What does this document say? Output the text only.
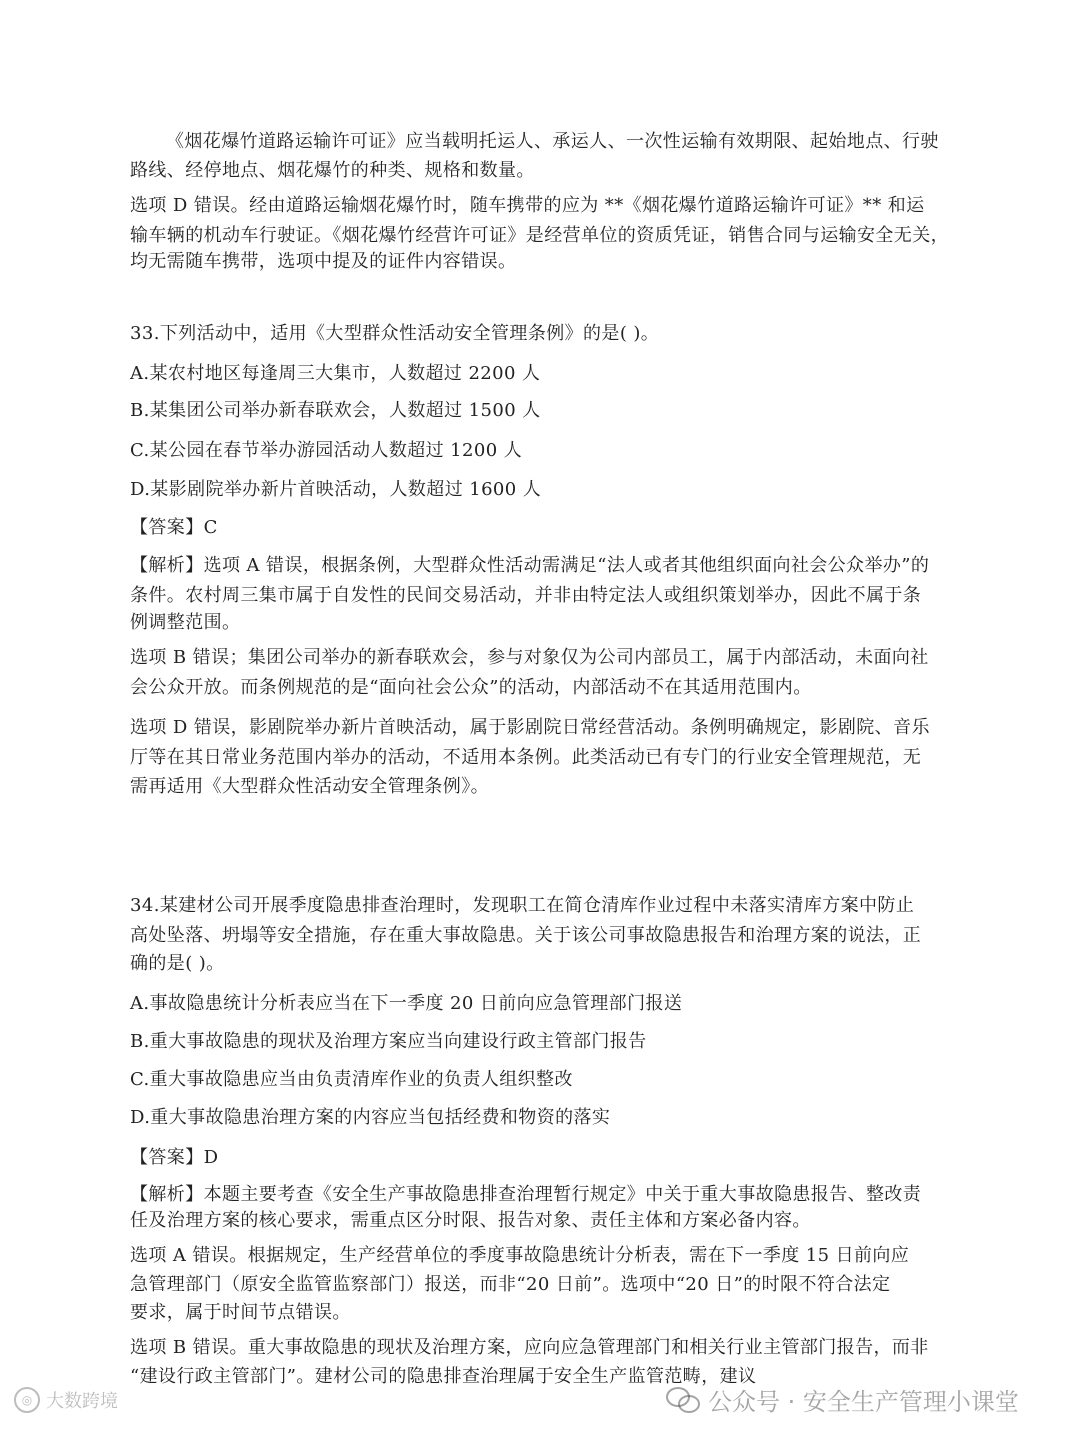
《烟花爆竹道路运输许可证》应当载明托运人、承运人、一次性运输有效期限、起始地点、行驶
路线、经停地点、烟花爆竹的种类、规格和数量。
选项 D 错误。经由道路运输烟花爆竹时，随车携带的应为 **《烟花爆竹道路运输许可证》** 和运
输车辆的机动车行驶证。《烟花爆竹经营许可证》是经营单位的资质凭证，销售合同与运输安全无关，
均无需随车携带，选项中提及的证件内容错误。
33.下列活动中，适用《大型群众性活动安全管理条例》的是( )。
A.某农村地区每逢周三大集市，人数超过 2200 人
B.某集团公司举办新春联欢会，人数超过 1500 人
C.某公园在春节举办游园活动人数超过 1200 人
D.某影剧院举办新片首映活动，人数超过 1600 人
【答案】C
【解析】选项 A 错误，根据条例，大型群众性活动需满足“法人或者其他组织面向社会公众举办”的
条件。农村周三集市属于自发性的民间交易活动，并非由特定法人或组织策划举办，因此不属于条
例调整范围。
选项 B 错误；集团公司举办的新春联欢会，参与对象仅为公司内部员工，属于内部活动，未面向社
会公众开放。而条例规范的是“面向社会公众”的活动，内部活动不在其适用范围内。
选项 D 错误，影剧院举办新片首映活动，属于影剧院日常经营活动。条例明确规定，影剧院、音乐
厅等在其日常业务范围内举办的活动，不适用本条例。此类活动已有专门的行业安全管理规范，无
需再适用《大型群众性活动安全管理条例》。
34.某建材公司开展季度隐患排查治理时，发现职工在简仓清库作业过程中未落实清库方案中防止
高处坠落、坍塌等安全措施，存在重大事故隐患。关于该公司事故隐患报告和治理方案的说法，正
确的是( )。
A.事故隐患统计分析表应当在下一季度 20 日前向应急管理部门报送
B.重大事故隐患的现状及治理方案应当向建设行政主管部门报告
C.重大事故隐患应当由负责清库作业的负责人组织整改
D.重大事故隐患治理方案的内容应当包括经费和物资的落实
【答案】D
【解析】本题主要考查《安全生产事故隐患排查治理暂行规定》中关于重大事故隐患报告、整改责
任及治理方案的核心要求，需重点区分时限、报告对象、责任主体和方案必备内容。
选项 A 错误。根据规定，生产经营单位的季度事故隐患统计分析表，需在下一季度 15 日前向应
急管理部门（原安全监管监察部门）报送，而非“20 日前”。选项中“20 日”的时限不符合法定
要求，属于时间节点错误。
选项 B 错误。重大事故隐患的现状及治理方案，应向应急管理部门和相关行业主管部门报告，而非
“建设行政主管部门”。建材公司的隐患排查治理属于安全生产监管范畴，建议
◎ 大数跨境	公众号 · 安全生产管理小课堂
